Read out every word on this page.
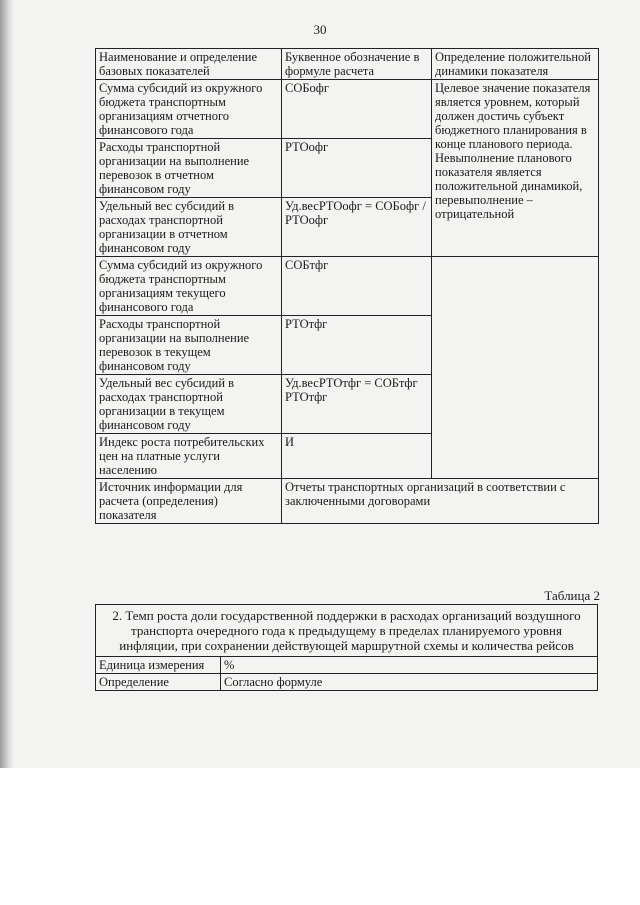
30
Наименование и определение базовых показателей	Буквенное обозначение в формуле расчета	Определение положительной динамики показателя
Сумма субсидий из окружного бюджета транспортным организациям отчетного финансового года	СОБофг	Целевое значение показателя является уровнем, который должен достичь субъект бюджетного планирования в конце планового периода. Невыполнение планового показателя является положительной динамикой, перевыполнение – отрицательной
Расходы транспортной организации на выполнение перевозок в отчетном финансовом году	РТОофг	
Удельный вес субсидий в расходах транспортной организации в отчетном финансовом году	Уд.весРТОофг = СОБофг / РТОофг	
Сумма субсидий из окружного бюджета транспортным организациям текущего финансового года	СОБтфг	
Расходы транспортной организации на выполнение перевозок в текущем финансовом году	РТОтфг	
Удельный вес субсидий в расходах транспортной организации в текущем финансовом году	Уд.весРТОтфг = СОБтфг РТОтфг	
Индекс роста потребительских цен на платные услуги населению	И	
Источник информации для расчета (определения) показателя	Отчеты транспортных организаций в соответствии с заключенными договорами	
Таблица 2
2. Темп роста доли государственной поддержки в расходах организаций воздушного транспорта очередного года к предыдущему в пределах планируемого уровня инфляции, при сохранении действующей маршрутной схемы и количества рейсов	
Единица измерения	%
Определение	Согласно формуле
